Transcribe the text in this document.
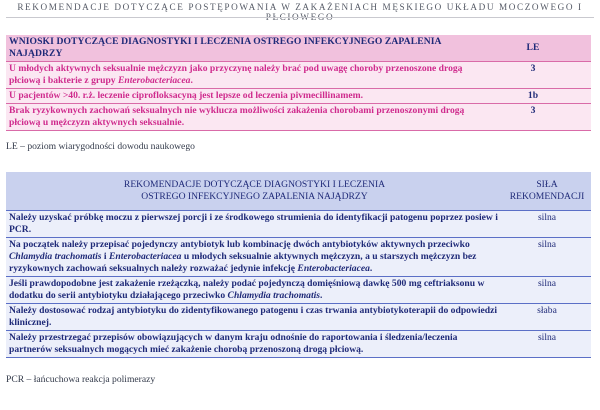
REKOMENDACJE DOTYCZĄCE POSTĘPOWANIA W ZAKAŻENIACH MĘSKIEGO UKŁADU MOCZOWEGO I PŁCIOWEGO
WNIOSKI DOTYCZĄCE DIAGNOSTYKI I LECZENIA OSTREGO INFEKCYJNEGO ZAPALENIA NAJĄDRZY	LE
U młodych aktywnych seksualnie mężczyzn jako przyczynę należy brać pod uwagę choroby przenoszone drogą płciową i bakterie z grupy Enterobacteriacea.	3
U pacjentów >40. r.ż. leczenie ciprofloksacyną jest lepsze od leczenia pivmecillinamem.	1b
Brak ryzykownych zachowań seksualnych nie wyklucza możliwości zakażenia chorobami przenoszonymi drogą płciową u mężczyzn aktywnych seksualnie.	3
LE – poziom wiarygodności dowodu naukowego
REKOMENDACJE DOTYCZĄCE DIAGNOSTYKI I LECZENIA
OSTREGO INFEKCYJNEGO ZAPALENIA NAJĄDRZY	SIŁA
REKOMENDACJI
Należy uzyskać próbkę moczu z pierwszej porcji i ze środkowego strumienia do identyfikacji patogenu poprzez posiew i PCR.	silna
Na początek należy przepisać pojedynczy antybiotyk lub kombinację dwóch antybiotyków aktywnych przeciwko Chlamydia trachomatis i Enterobacteriacea u młodych seksualnie aktywnych mężczyzn, a u starszych mężczyzn bez ryzykownych zachowań seksualnych należy rozważać jedynie infekcję Enterobacteriacea.	silna
Jeśli prawdopodobne jest zakażenie rzeżączką, należy podać pojedynczą domięśniową dawkę 500 mg ceftriaksonu w dodatku do serii antybiotyku działającego przeciwko Chlamydia trachomatis.	silna
Należy dostosować rodzaj antybiotyku do zidentyfikowanego patogenu i czas trwania antybiotykoterapii do odpowiedzi klinicznej.	słaba
Należy przestrzegać przepisów obowiązujących w danym kraju odnośnie do raportowania i śledzenia/leczenia partnerów seksualnych mogących mieć zakażenie chorobą przenoszoną drogą płciową.	silna
PCR – łańcuchowa reakcja polimerazy
